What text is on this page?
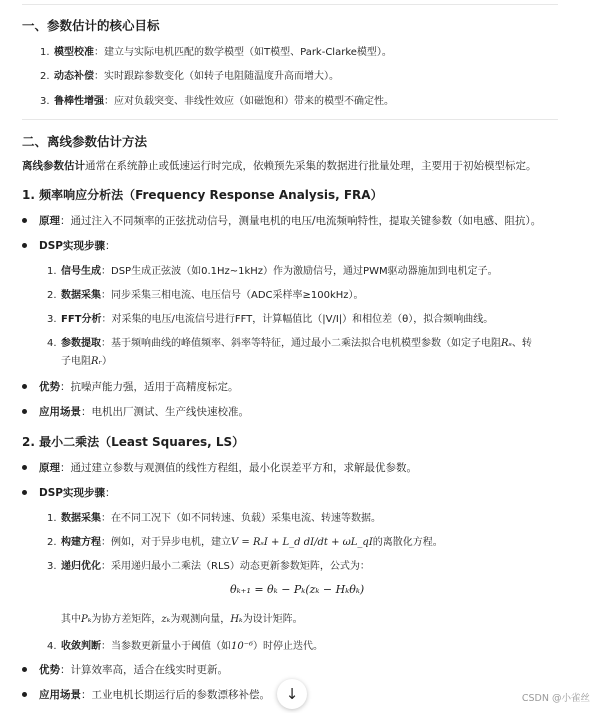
一、参数估计的核心目标
1. 模型校准：建立与实际电机匹配的数学模型（如T模型、Park-Clarke模型）。
2. 动态补偿：实时跟踪参数变化（如转子电阻随温度升高而增大）。
3. 鲁棒性增强：应对负载突变、非线性效应（如磁饱和）带来的模型不确定性。
二、离线参数估计方法
离线参数估计通常在系统静止或低速运行时完成，依赖预先采集的数据进行批量处理，主要用于初始模型标定。
1. 频率响应分析法（Frequency Response Analysis, FRA）
原理：通过注入不同频率的正弦扰动信号，测量电机的电压/电流频响特性，提取关键参数（如电感、阻抗）。
DSP实现步骤：
1. 信号生成：DSP生成正弦波（如0.1Hz~1kHz）作为激励信号，通过PWM驱动器施加到电机定子。
2. 数据采集：同步采集三相电流、电压信号（ADC采样率≥100kHz）。
3. FFT分析：对采集的电压/电流信号进行FFT，计算幅值比（|V/I|）和相位差（θ），拟合频响曲线。
4. 参数提取：基于频响曲线的峰值频率、斜率等特征，通过最小二乘法拟合电机模型参数（如定子电阻Rₛ、转
子电阻Rᵣ）
优势：抗噪声能力强，适用于高精度标定。
应用场景：电机出厂测试、生产线快速校准。
2. 最小二乘法（Least Squares, LS）
原理：通过建立参数与观测值的线性方程组，最小化误差平方和，求解最优参数。
DSP实现步骤：
1. 数据采集：在不同工况下（如不同转速、负载）采集电流、转速等数据。
2. 构建方程：例如，对于异步电机，建立V = RₛI + L_d dI/dt + ωL_qI的离散化方程。
3. 递归优化：采用递归最小二乘法（RLS）动态更新参数矩阵，公式为：
θₖ₊₁ = θₖ − Pₖ(zₖ − Hₖθₖ)
其中Pₖ为协方差矩阵，zₖ为观测向量，Hₖ为设计矩阵。
4. 收敛判断：当参数更新量小于阈值（如10⁻⁶）时停止迭代。
优势：计算效率高，适合在线实时更新。
应用场景：工业电机长期运行后的参数漂移补偿。 ↓	CSDN @小雀丝
